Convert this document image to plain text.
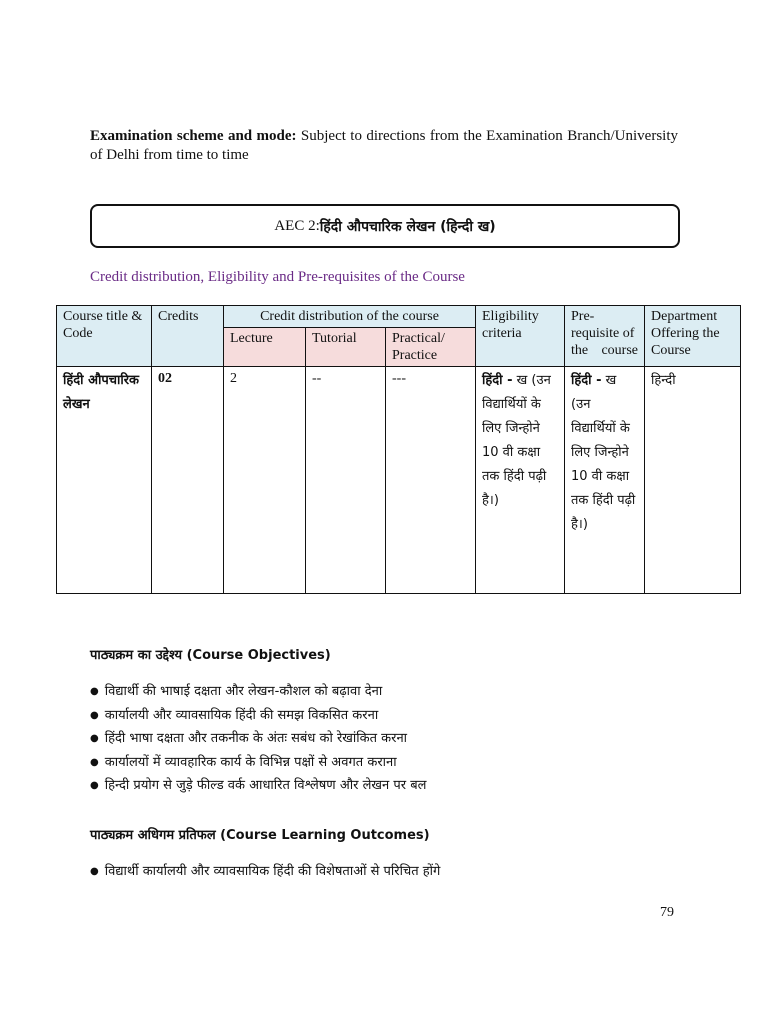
Examination scheme and mode: Subject to directions from the Examination Branch/University of Delhi from time to time

AEC 2: हिंदी औपचारिक लेखन (हिन्दी ख)
Credit distribution, Eligibility and Pre-requisites of the Course
Course title & Code	Credits	Credit distribution of the course			Eligibility criteria	Pre- requisite of the course	Department Offering the Course
		Lecture	Tutorial	Practical/ Practice			
हिंदी औपचारिक लेखन	02	2	--	---	हिंदी - ख (उन विद्यार्थियों के लिए जिन्होने 10 वी कक्षा तक हिंदी पढ़ी है।)	हिंदी - ख (उन विद्यार्थियों के लिए जिन्होने 10 वी कक्षा तक हिंदी पढ़ी है।)	हिन्दी
पाठ्यक्रम का उद्देश्य (Course Objectives)
● विद्यार्थी की भाषाई दक्षता और लेखन-कौशल को बढ़ावा देना
● कार्यालयी और व्यावसायिक हिंदी की समझ विकसित करना
● हिंदी भाषा दक्षता और तकनीक के अंतः सबंध को रेखांकित करना
● कार्यालयों में व्यावहारिक कार्य के विभिन्न पक्षों से अवगत कराना
● हिन्दी प्रयोग से जुड़े फील्ड वर्क आधारित विश्लेषण और लेखन पर बल
पाठ्यक्रम अधिगम प्रतिफल (Course Learning Outcomes)
● विद्यार्थी कार्यालयी और व्यावसायिक हिंदी की विशेषताओं से परिचित होंगे
79
